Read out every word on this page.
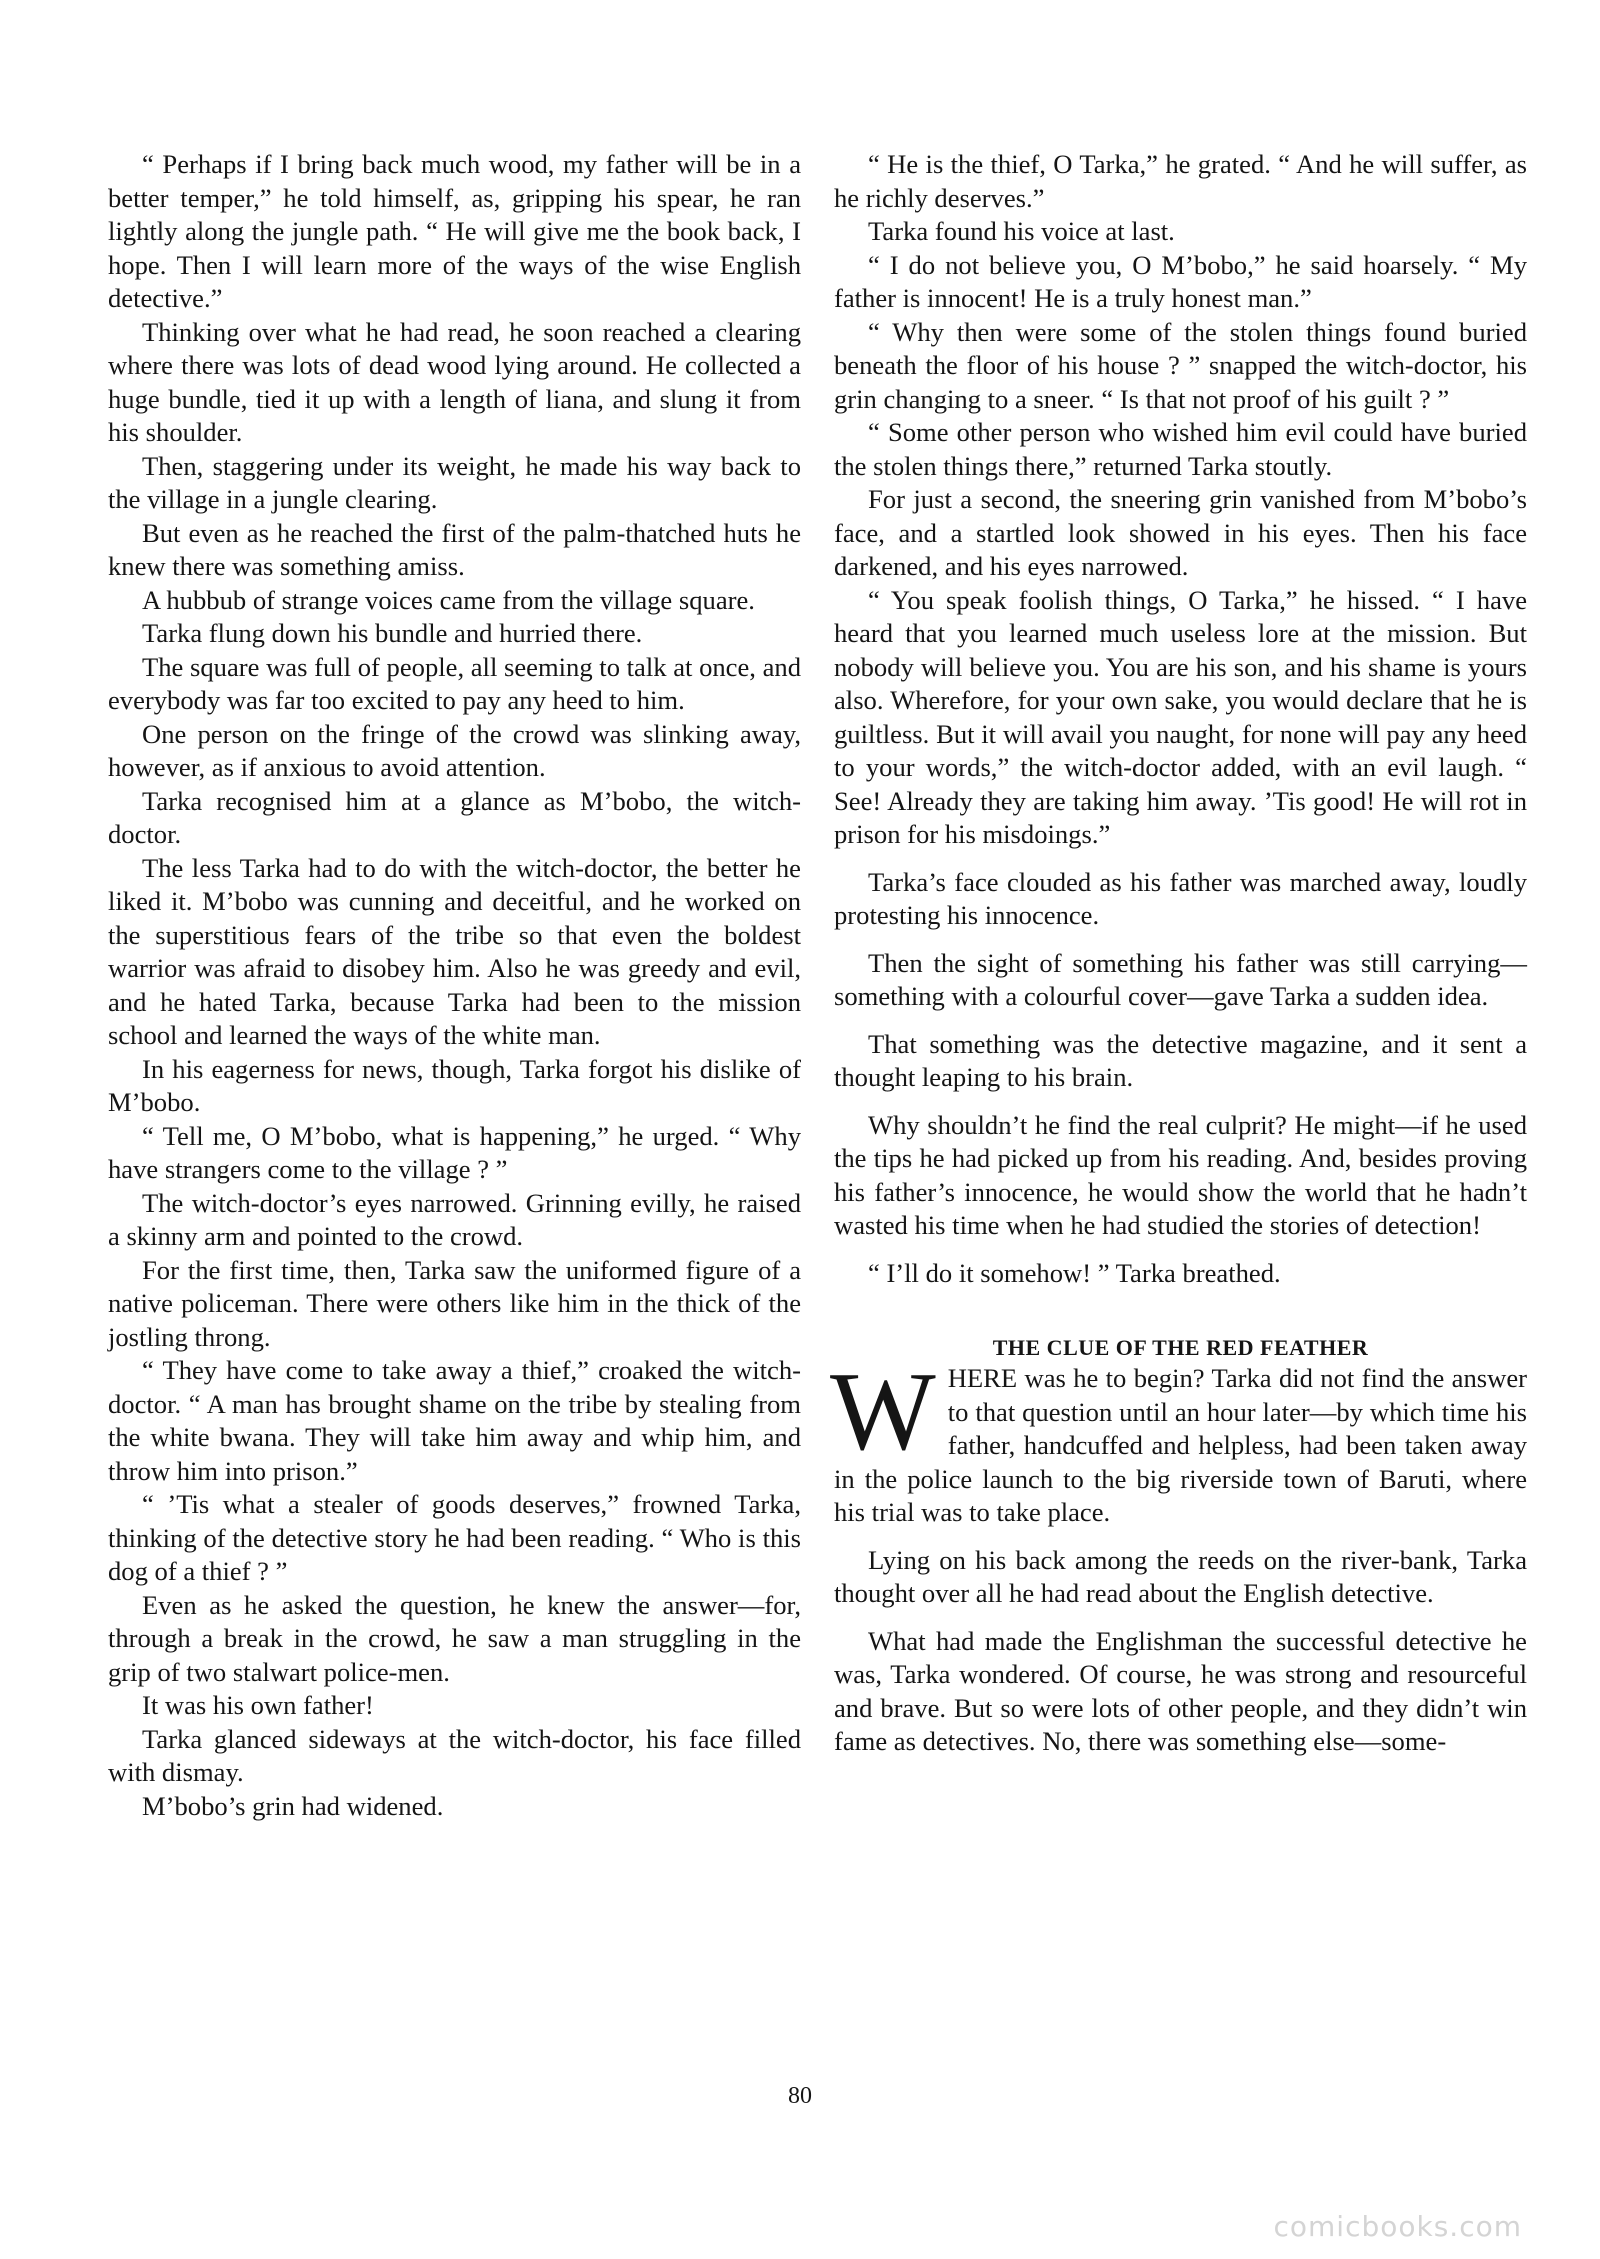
“ Perhaps if I bring back much wood, my father will be in a better temper,” he told himself, as, gripping his spear, he ran lightly along the jungle path. “ He will give me the book back, I hope. Then I will learn more of the ways of the wise English detective.”

Thinking over what he had read, he soon reached a clearing where there was lots of dead wood lying around. He collected a huge bundle, tied it up with a length of liana, and slung it from his shoulder.

Then, staggering under its weight, he made his way back to the village in a jungle clearing.

But even as he reached the first of the palm-thatched huts he knew there was something amiss.

A hubbub of strange voices came from the village square.

Tarka flung down his bundle and hurried there.

The square was full of people, all seeming to talk at once, and everybody was far too excited to pay any heed to him.

One person on the fringe of the crowd was slinking away, however, as if anxious to avoid attention.

Tarka recognised him at a glance as M’bobo, the witch-doctor.

The less Tarka had to do with the witch-doctor, the better he liked it. M’bobo was cunning and deceitful, and he worked on the superstitious fears of the tribe so that even the boldest warrior was afraid to disobey him. Also he was greedy and evil, and he hated Tarka, because Tarka had been to the mission school and learned the ways of the white man.

In his eagerness for news, though, Tarka forgot his dislike of M’bobo.

“ Tell me, O M’bobo, what is happening,” he urged. “ Why have strangers come to the village ? ”

The witch-doctor’s eyes narrowed. Grinning evilly, he raised a skinny arm and pointed to the crowd.

For the first time, then, Tarka saw the uniformed figure of a native policeman. There were others like him in the thick of the jostling throng.

“ They have come to take away a thief,” croaked the witch-doctor. “ A man has brought shame on the tribe by stealing from the white bwana. They will take him away and whip him, and throw him into prison.”

“ ’Tis what a stealer of goods deserves,” frowned Tarka, thinking of the detective story he had been reading. “ Who is this dog of a thief ? ”

Even as he asked the question, he knew the answer—for, through a break in the crowd, he saw a man struggling in the grip of two stalwart police-men.

It was his own father!

Tarka glanced sideways at the witch-doctor, his face filled with dismay.

M’bobo’s grin had widened.

“ He is the thief, O Tarka,” he grated. “ And he will suffer, as he richly deserves.”

Tarka found his voice at last.

“ I do not believe you, O M’bobo,” he said hoarsely. “ My father is innocent! He is a truly honest man.”

“ Why then were some of the stolen things found buried beneath the floor of his house ? ” snapped the witch-doctor, his grin changing to a sneer. “ Is that not proof of his guilt ? ”

“ Some other person who wished him evil could have buried the stolen things there,” returned Tarka stoutly.

For just a second, the sneering grin vanished from M’bobo’s face, and a startled look showed in his eyes. Then his face darkened, and his eyes narrowed.

“ You speak foolish things, O Tarka,” he hissed. “ I have heard that you learned much useless lore at the mission. But nobody will believe you. You are his son, and his shame is yours also. Wherefore, for your own sake, you would declare that he is guiltless. But it will avail you naught, for none will pay any heed to your words,” the witch-doctor added, with an evil laugh. “ See! Already they are taking him away. ’Tis good! He will rot in prison for his misdoings.”

Tarka’s face clouded as his father was marched away, loudly protesting his innocence.

Then the sight of something his father was still carrying—something with a colourful cover—gave Tarka a sudden idea.

That something was the detective magazine, and it sent a thought leaping to his brain.

Why shouldn’t he find the real culprit? He might—if he used the tips he had picked up from his reading. And, besides proving his father’s innocence, he would show the world that he hadn’t wasted his time when he had studied the stories of detection!

“ I’ll do it somehow! ” Tarka breathed.

THE CLUE OF THE RED FEATHER

WHERE was he to begin? Tarka did not find the answer to that question until an hour later—by which time his father, handcuffed and helpless, had been taken away in the police launch to the big riverside town of Baruti, where his trial was to take place.

Lying on his back among the reeds on the river-bank, Tarka thought over all he had read about the English detective.

What had made the Englishman the successful detective he was, Tarka wondered. Of course, he was strong and resourceful and brave. But so were lots of other people, and they didn’t win fame as detectives. No, there was something else—some-

80
comicbooks.com
